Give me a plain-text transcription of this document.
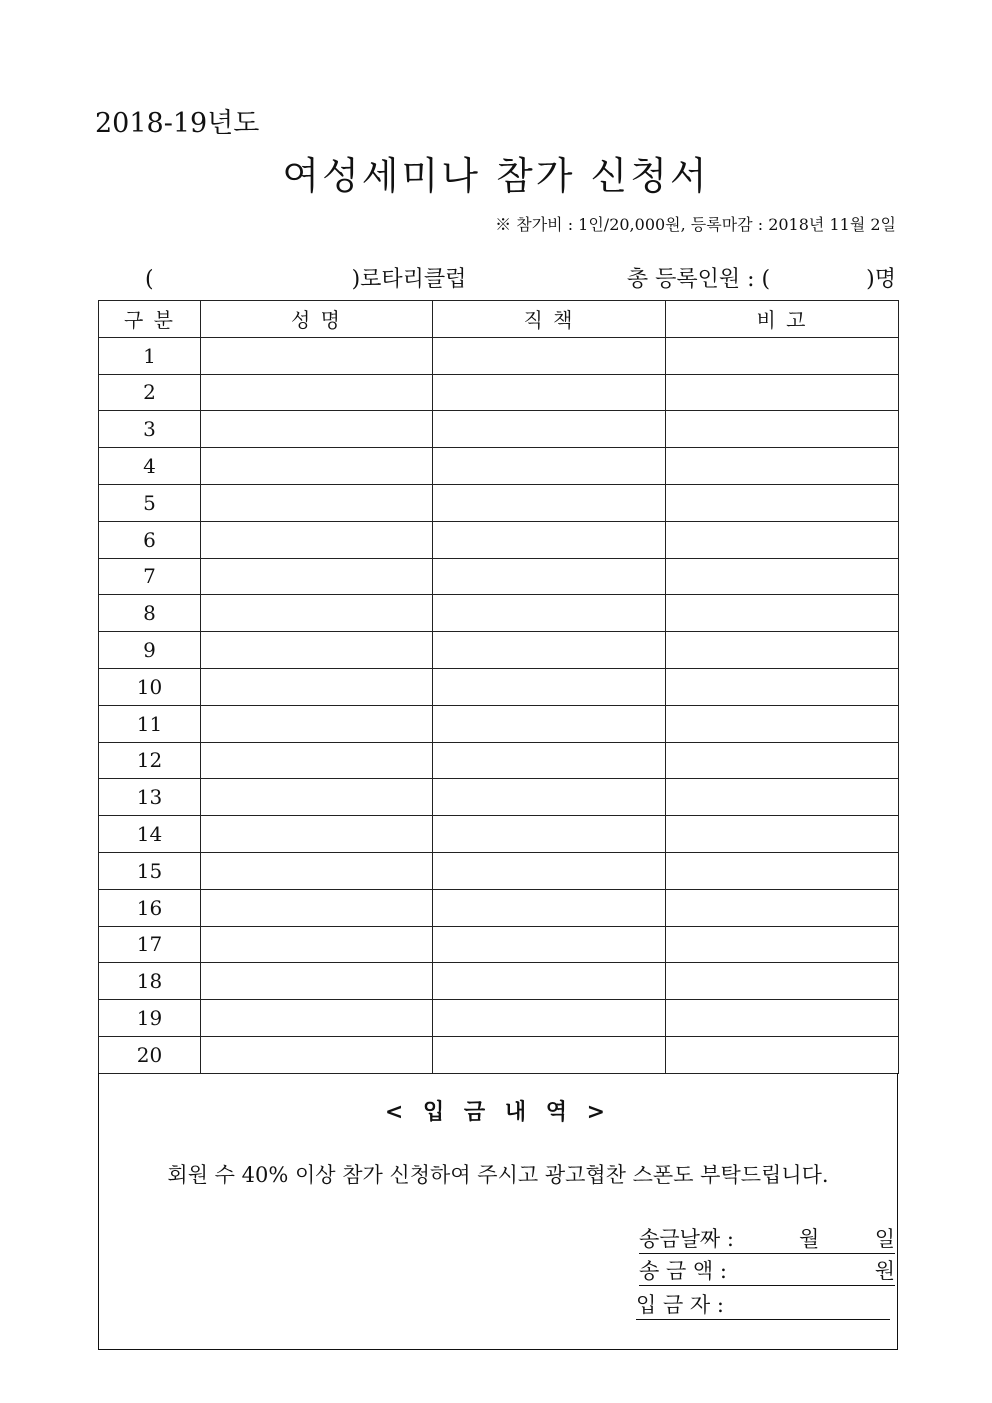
2018-19년도
여성세미나 참가 신청서
※ 참가비 : 1인/20,000원, 등록마감 : 2018년 11월 2일
(	)로타리클럽	총 등록인원 : (	)명
구 분	성 명	직 책	비 고
1			
2			
3			
4			
5			
6			
7			
8			
9			
10			
11			
12			
13			
14			
15			
16			
17			
18			
19			
20			
< 입 금 내 역 >
회원 수 40% 이상 참가 신청하여 주시고 광고협찬 스폰도 부탁드립니다.
송금날짜 :	월	일
송 금 액 :	원
입 금 자 :
